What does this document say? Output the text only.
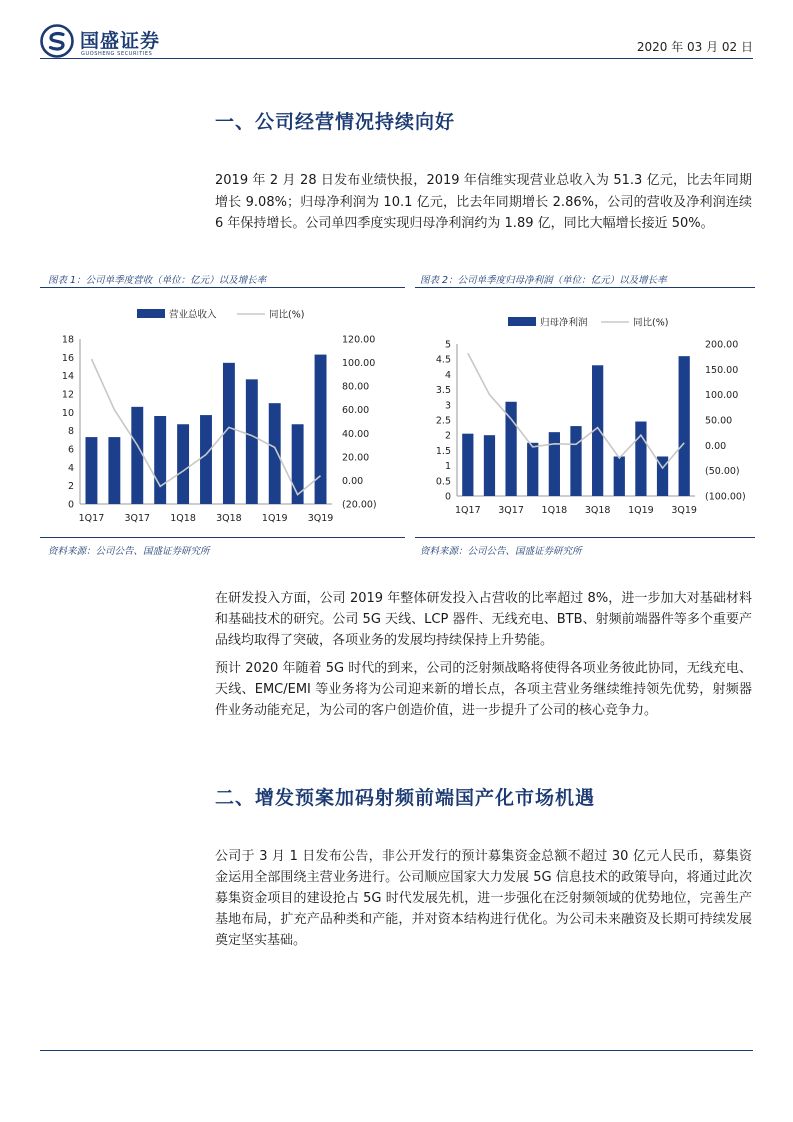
国盛证券
GUOSHENG SECURITIES	2020 年 03 月 02 日
一、公司经营情况持续向好

2019 年 2 月 28 日发布业绩快报，2019 年信维实现营业总收入为 51.3 亿元，比去年同期增长 9.08%；归母净利润为 10.1 亿元，比去年同期增长 2.86%，公司的营收及净利润连续 6 年保持增长。公司单四季度实现归母净利润约为 1.89 亿，同比大幅增长接近 50%。

图表 1：公司单季度营收（单位：亿元）以及增长率	图表 2：公司单季度归母净利润（单位：亿元）以及增长率
0
2
4
6
8
10
12
14
16
18
(20.00)
0.00
20.00
40.00
60.00
80.00
100.00
120.00
1Q17 3Q17 1Q18 3Q18 1Q19 3Q19
营业总收入	同比(%)
0
0.5
1
1.5
2
2.5
3
3.5
4
4.5
5
(100.00)
(50.00)
0.00
50.00
100.00
150.00
200.00
1Q17 3Q17 1Q18 3Q18 1Q19 3Q19
归母净利润	同比(%)
资料来源：公司公告、国盛证券研究所	资料来源：公司公告、国盛证券研究所

在研发投入方面，公司 2019 年整体研发投入占营收的比率超过 8%，进一步加大对基础材料和基础技术的研究。公司 5G 天线、LCP 器件、无线充电、BTB、射频前端器件等多个重要产品线均取得了突破，各项业务的发展均持续保持上升势能。

预计 2020 年随着 5G 时代的到来，公司的泛射频战略将使得各项业务彼此协同，无线充电、天线、EMC/EMI 等业务将为公司迎来新的增长点，各项主营业务继续维持领先优势，射频器件业务动能充足，为公司的客户创造价值，进一步提升了公司的核心竞争力。

二、增发预案加码射频前端国产化市场机遇

公司于 3 月 1 日发布公告，非公开发行的预计募集资金总额不超过 30 亿元人民币，募集资金运用全部围绕主营业务进行。公司顺应国家大力发展 5G 信息技术的政策导向，将通过此次募集资金项目的建设抢占 5G 时代发展先机，进一步强化在泛射频领域的优势地位，完善生产基地布局，扩充产品种类和产能，并对资本结构进行优化。为公司未来融资及长期可持续发展奠定坚实基础。
